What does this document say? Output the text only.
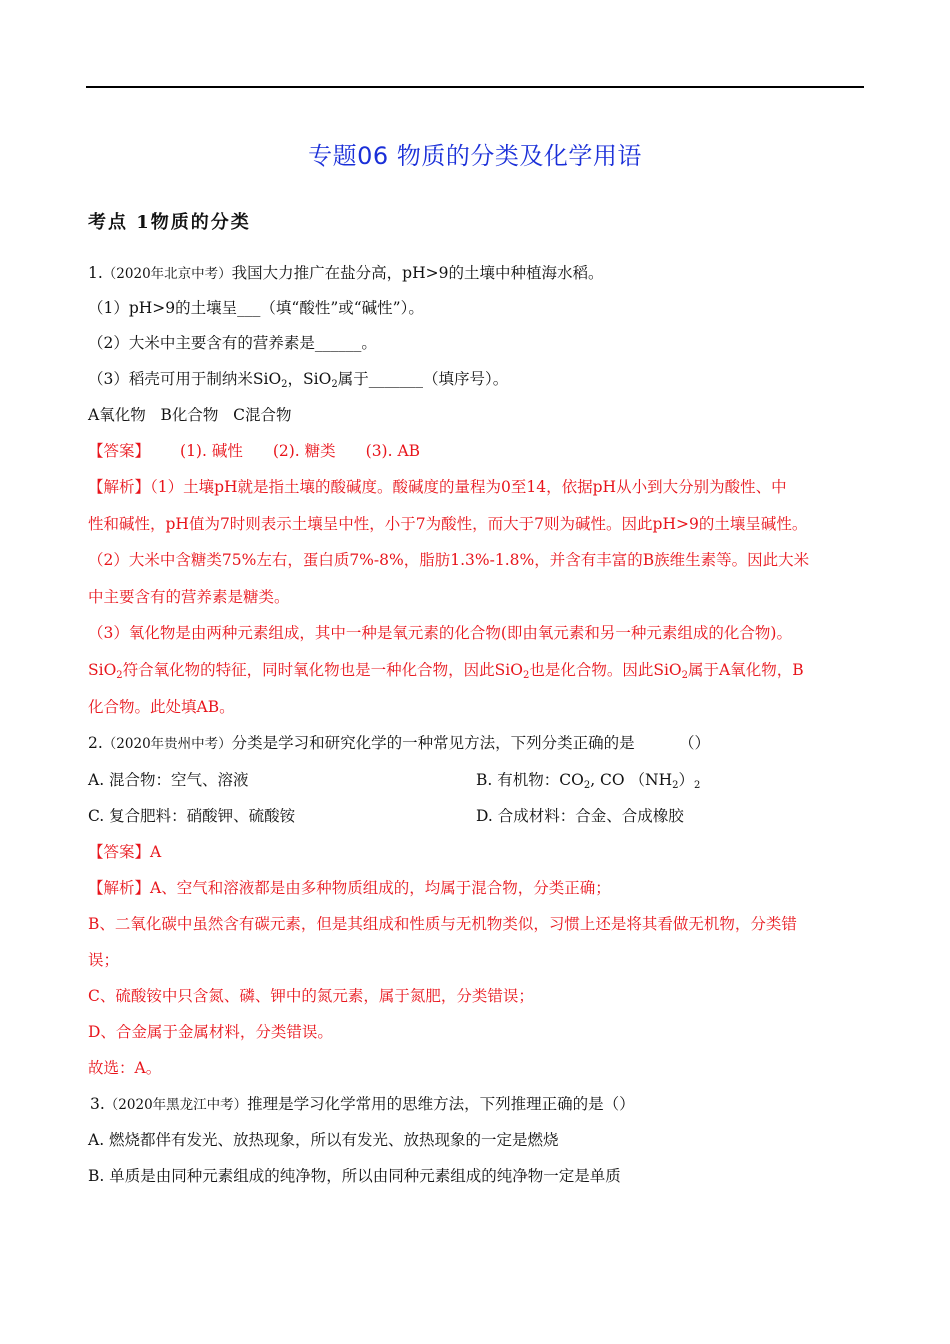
专题06 物质的分类及化学用语
考点 1物质的分类
1.（2020年北京中考）我国大力推广在盐分高，pH>9的土壤中种植海水稻。
（1）pH>9的土壤呈___（填“酸性”或“碱性”）。
（2）大米中主要含有的营养素是______。
（3）稻壳可用于制纳米SiO$_2$，SiO$_2$属于_______（填序号）。
A氧化物   B化合物   C混合物
【答案】 (1). 碱性 (2). 糖类 (3). AB
【解析】（1）土壤pH就是指土壤的酸碱度。酸碱度的量程为0至14，依据pH从小到大分别为酸性、中
性和碱性，pH值为7时则表示土壤呈中性，小于7为酸性，而大于7则为碱性。因此pH>9的土壤呈碱性。
（2）大米中含糖类75%左右，蛋白质7%-8%，脂肪1.3%-1.8%，并含有丰富的B族维生素等。因此大米
中主要含有的营养素是糖类。
（3）氧化物是由两种元素组成，其中一种是氧元素的化合物(即由氧元素和另一种元素组成的化合物)。
SiO$_2$符合氧化物的特征，同时氧化物也是一种化合物，因此SiO$_2$也是化合物。因此SiO$_2$属于A氧化物，B
化合物。此处填AB。
2.（2020年贵州中考）分类是学习和研究化学的一种常见方法，下列分类正确的是         （）
A. 混合物：空气、溶液	B. 有机物：$CO_2$, CO $(NH_2)_2$
C. 复合肥料：硝酸钾、硫酸铵	D. 合成材料：合金、合成橡胶
【答案】A
【解析】A、空气和溶液都是由多种物质组成的，均属于混合物，分类正确；
B、二氧化碳中虽然含有碳元素，但是其组成和性质与无机物类似，习惯上还是将其看做无机物，分类错
误；
C、硫酸铵中只含氮、磷、钾中的氮元素，属于氮肥，分类错误；
D、合金属于金属材料，分类错误。
故选：A。
3.（2020年黑龙江中考）推理是学习化学常用的思维方法，下列推理正确的是（）
A. 燃烧都伴有发光、放热现象，所以有发光、放热现象的一定是燃烧
B. 单质是由同种元素组成的纯净物，所以由同种元素组成的纯净物一定是单质
